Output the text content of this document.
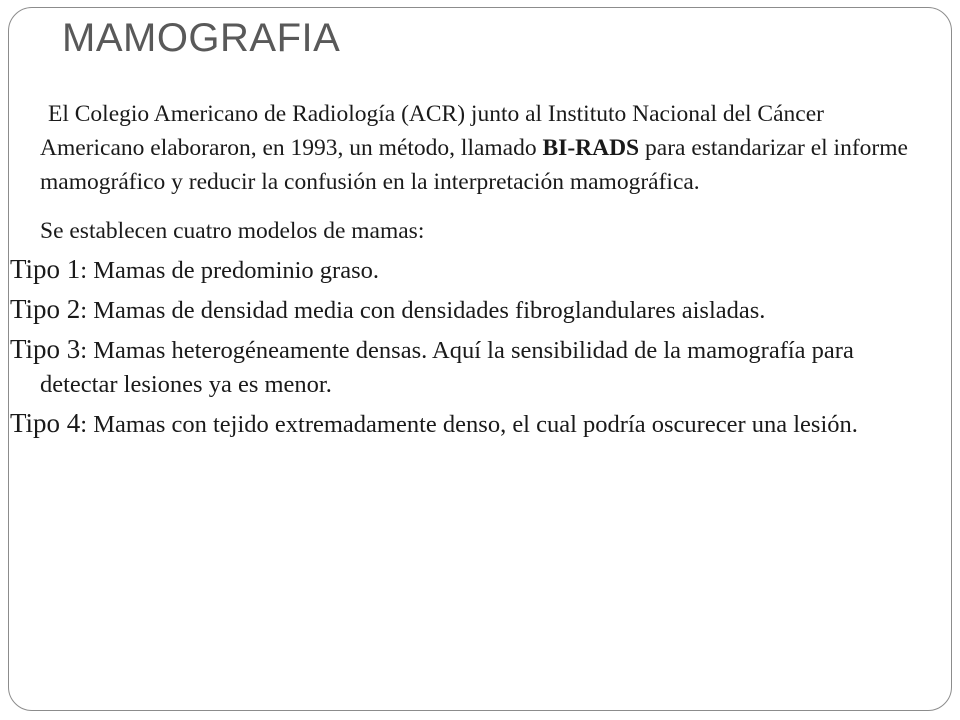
MAMOGRAFIA

El Colegio Americano de Radiología (ACR) junto al Instituto Nacional del Cáncer Americano elaboraron, en 1993, un método, llamado BI-RADS para estandarizar el informe mamográfico y reducir la confusión en la interpretación mamográfica.

Se establecen cuatro modelos de mamas:

Tipo 1: Mamas de predominio graso.

Tipo 2: Mamas de densidad media con densidades fibroglandulares aisladas.

Tipo 3: Mamas heterogéneamente densas. Aquí la sensibilidad de la mamografía para detectar lesiones ya es menor.

Tipo 4: Mamas con tejido extremadamente denso, el cual podría oscurecer una lesión.
